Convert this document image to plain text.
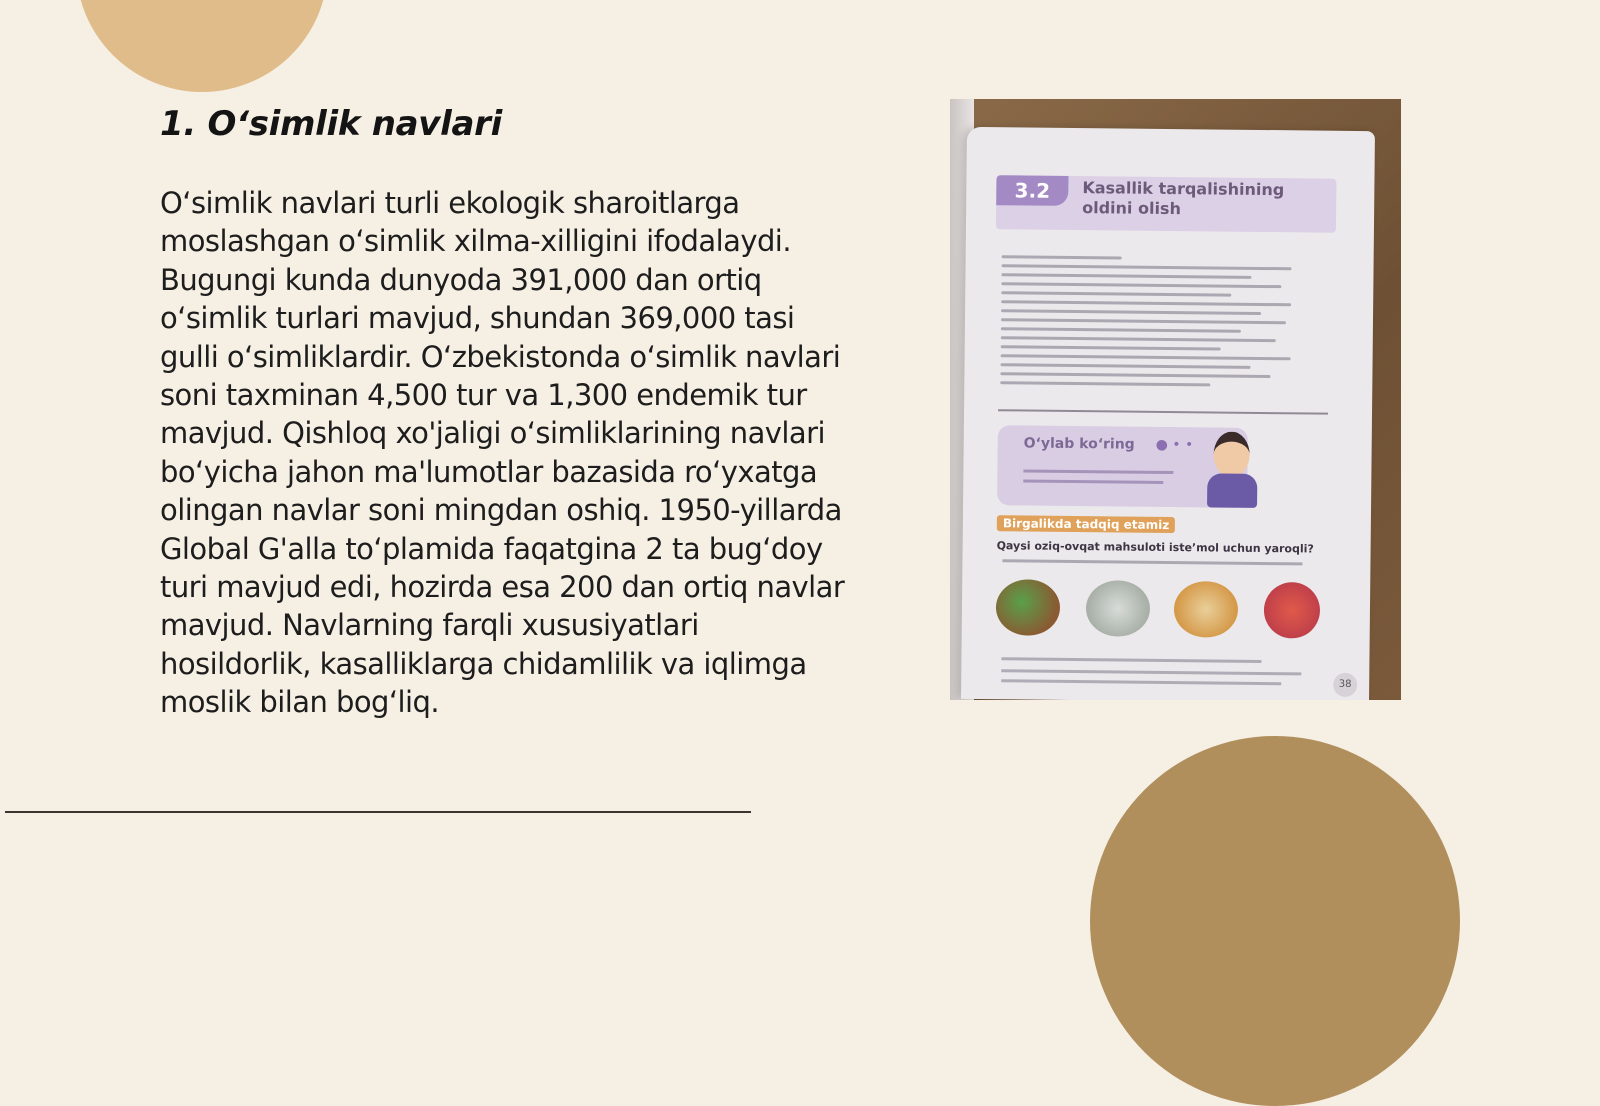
1. O‘simlik navlari

O‘simlik navlari turli ekologik sharoitlarga moslashgan o‘simlik xilma-xilligini ifodalaydi. Bugungi kunda dunyoda 391,000 dan ortiq o‘simlik turlari mavjud, shundan 369,000 tasi gulli o‘simliklardir. O‘zbekistonda o‘simlik navlari soni taxminan 4,500 tur va 1,300 endemik tur mavjud. Qishloq xo'jaligi o‘simliklarining navlari bo‘yicha jahon ma'lumotlar bazasida ro‘yxatga olingan navlar soni mingdan oshiq. 1950-yillarda Global G'alla to‘plamida faqatgina 2 ta bug‘doy turi mavjud edi, hozirda esa 200 dan ortiq navlar mavjud. Navlarning farqli xususiyatlari hosildorlik, kasalliklarga chidamlilik va iqlimga moslik bilan bog‘liq.

3.2	Kasallik tarqalishining oldini olish
O‘ylab ko‘ring ● • •
Birgalikda tadqiq etamiz
Qaysi oziq-ovqat mahsuloti iste’mol uchun yaroqli?
38
